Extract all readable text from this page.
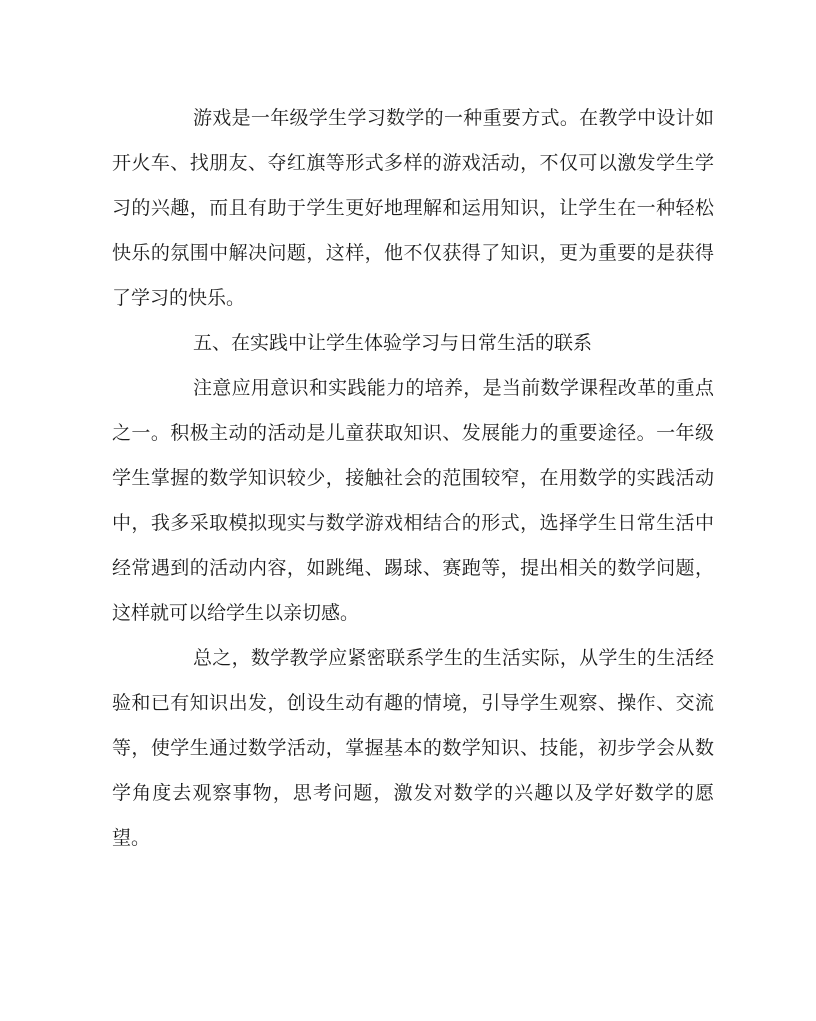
游戏是一年级学生学习数学的一种重要方式。在教学中设计如开火车、找朋友、夺红旗等形式多样的游戏活动，不仅可以激发学生学习的兴趣，而且有助于学生更好地理解和运用知识，让学生在一种轻松快乐的氛围中解决问题，这样，他不仅获得了知识，更为重要的是获得了学习的快乐。

五、在实践中让学生体验学习与日常生活的联系

注意应用意识和实践能力的培养，是当前数学课程改革的重点之一。积极主动的活动是儿童获取知识、发展能力的重要途径。一年级学生掌握的数学知识较少，接触社会的范围较窄，在用数学的实践活动中，我多采取模拟现实与数学游戏相结合的形式，选择学生日常生活中经常遇到的活动内容，如跳绳、踢球、赛跑等，提出相关的数学问题，这样就可以给学生以亲切感。

总之，数学教学应紧密联系学生的生活实际，从学生的生活经验和已有知识出发，创设生动有趣的情境，引导学生观察、操作、交流等，使学生通过数学活动，掌握基本的数学知识、技能，初步学会从数学角度去观察事物，思考问题，激发对数学的兴趣以及学好数学的愿望。
